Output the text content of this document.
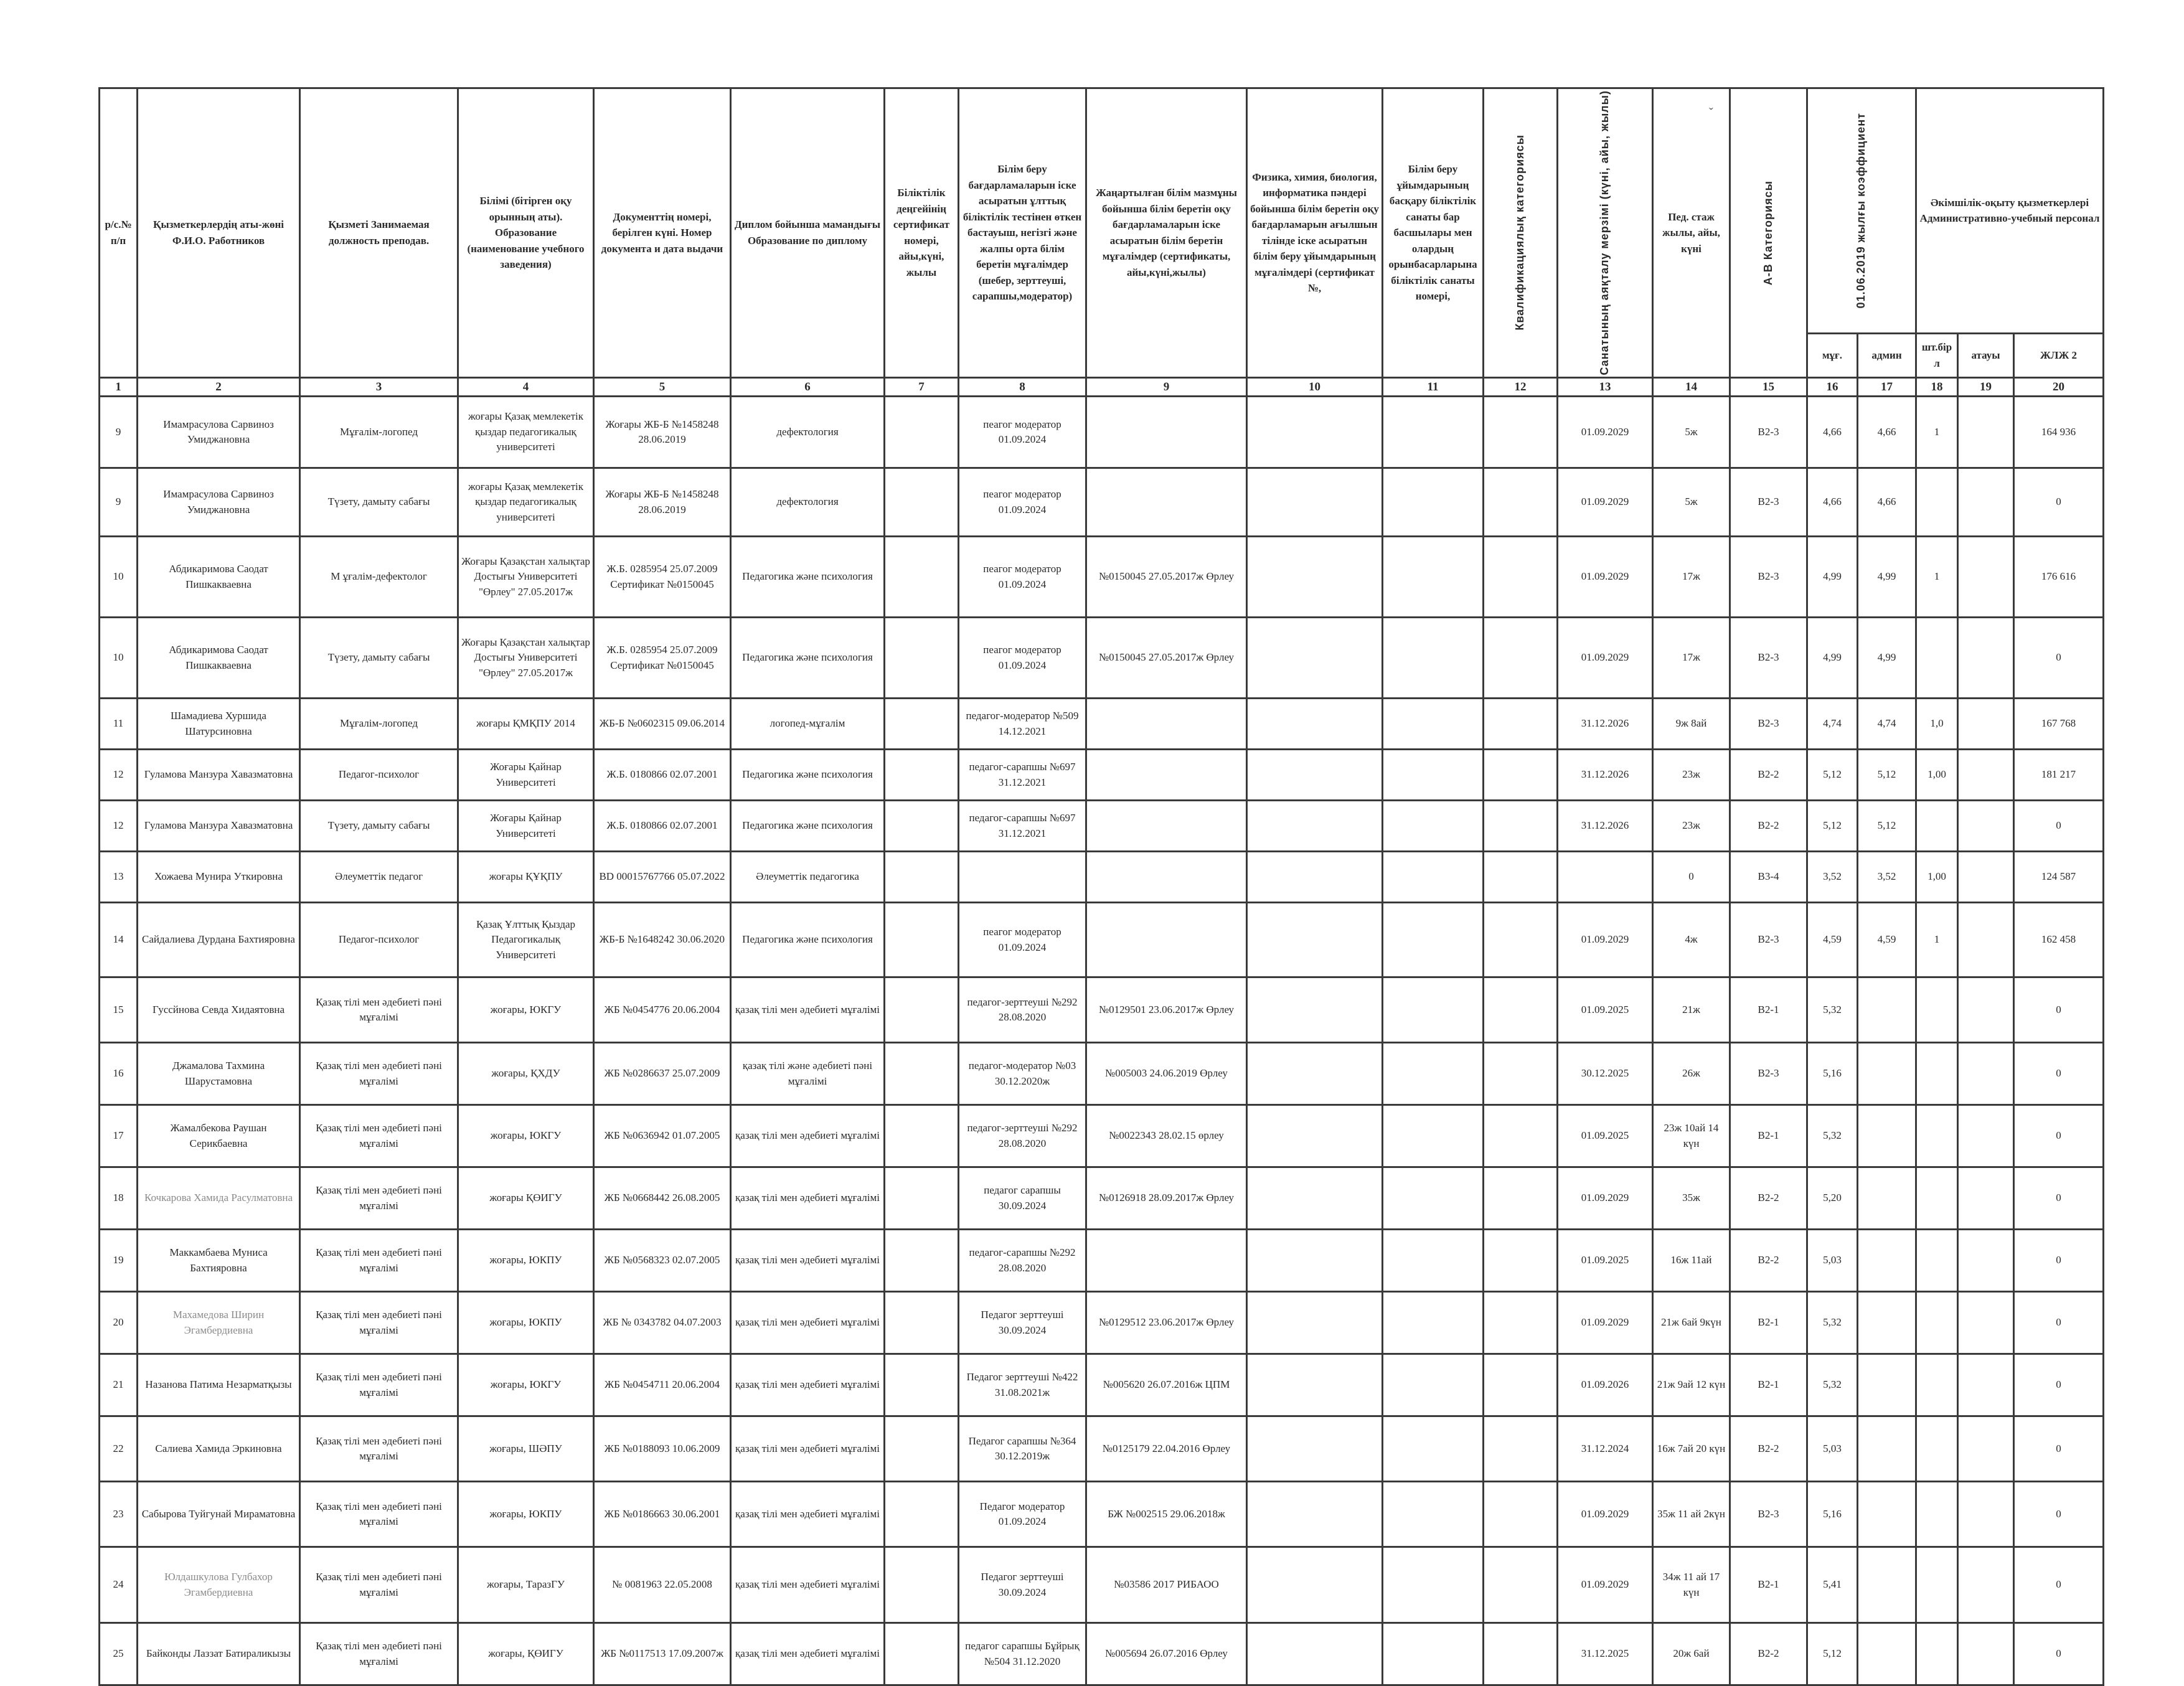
р/с.№ п/п	Қызметкерлердің аты-жөні Ф.И.О. Работников	Қызметі Занимаемая должность преподав.	Білімі (бітірген оқу орынның аты). Образование (наименование учебного заведения)	Документтің номері, берілген күні. Номер документа и дата выдачи	Диплом бойынша мамандығы Образование по диплому	Біліктілік деңгейінің сертификат номері, айы,күні, жылы	Білім беру бағдарламаларын іске асыратын ұлттық біліктілік тестінен өткен бастауыш, негізгі және жалпы орта білім беретін мұғалімдер (шебер, зерттеуші, сарапшы,модератор)	Жаңартылған білім мазмұны бойынша білім беретін оқу бағдарламаларын іске асыратын білім беретін мұғалімдер (сертификаты, айы,күні,жылы)	Физика, химия, биология, информатика пәндері бойынша білім беретін оқу бағдарламарын ағылшын тілінде іске асыратын білім беру ұйымдарының мұғалімдері (сертификат №,	Білім беру ұйымдарының басқару біліктілік санаты бар басшылары мен олардың орынбасарларына біліктілік санаты номері,	Квалификациялық категориясы	Санатының аяқталу мерзімі (күні, айы, жылы)	Пед. стаж жылы, айы, күні	А-В Категориясы	01.06.2019 жылғы коэффициент		Әкімшілік-оқыту қызметкерлері Административно-учебный персонал		
															мұғ.	админ	шт.бірл	атауы	ЖЛЖ 2
1	2	3	4	5	6	7	8	9	10	11	12	13	14	15	16	17	18	19	20
9	Имамрасулова Сарвиноз Умиджановна	Мұғалім-логопед	жоғары Қазақ мемлекетік қыздар педагогикалық университеті	Жоғары ЖБ-Б №1458248 28.06.2019	дефектология		пеагог модератор 01.09.2024					01.09.2029	5ж	В2-3	4,66	4,66	1		164 936
9	Имамрасулова Сарвиноз Умиджановна	Түзету, дамыту сабағы	жоғары Қазақ мемлекетік қыздар педагогикалық университеті	Жоғары ЖБ-Б №1458248 28.06.2019	дефектология		пеагог модератор 01.09.2024					01.09.2029	5ж	В2-3	4,66	4,66			0
10	Абдикаримова Саодат Пишкакваевна	М ұғалім-дефектолог	Жоғары Қазақстан халықтар Достығы Университеті "Өрлеу" 27.05.2017ж	Ж.Б. 0285954 25.07.2009 Сертификат №0150045	Педагогика және психология		пеагог модератор 01.09.2024	№0150045 27.05.2017ж Өрлеу				01.09.2029	17ж	В2-3	4,99	4,99	1		176 616
10	Абдикаримова Саодат Пишкакваевна	Түзету, дамыту сабағы	Жоғары Қазақстан халықтар Достығы Университеті "Өрлеу" 27.05.2017ж	Ж.Б. 0285954 25.07.2009 Сертификат №0150045	Педагогика және психология		пеагог модератор 01.09.2024	№0150045 27.05.2017ж Өрлеу				01.09.2029	17ж	В2-3	4,99	4,99			0
11	Шамадиева Хуршида Шатурсиновна	Мұғалім-логопед	жоғары ҚМҚПУ 2014	ЖБ-Б №0602315 09.06.2014	логопед-мұғалім		педагог-модератор №509 14.12.2021					31.12.2026	9ж 8ай	В2-3	4,74	4,74	1,0		167 768
12	Гуламова Манзура Хавазматовна	Педагог-психолог	Жоғары Қайнар Университеті	Ж.Б. 0180866 02.07.2001	Педагогика және психология		педагог-сарапшы №697 31.12.2021					31.12.2026	23ж	В2-2	5,12	5,12	1,00		181 217
12	Гуламова Манзура Хавазматовна	Түзету, дамыту сабағы	Жоғары Қайнар Университеті	Ж.Б. 0180866 02.07.2001	Педагогика және психология		педагог-сарапшы №697 31.12.2021					31.12.2026	23ж	В2-2	5,12	5,12			0
13	Хожаева Мунира Уткировна	Әлеуметтік педагог	жоғары ҚҰҚПУ	BD 00015767766 05.07.2022	Әлеуметтік педагогика								0	В3-4	3,52	3,52	1,00		124 587
14	Сайдалиева Дурдана Бахтияровна	Педагог-психолог	Қазақ Ұлттық Қыздар Педагогикалық Университеті	ЖБ-Б №1648242 30.06.2020	Педагогика және психология		пеагог модератор 01.09.2024					01.09.2029	4ж	В2-3	4,59	4,59	1		162 458
15	Гуссйнова Севда Хидаятовна	Қазақ тілі мен әдебиеті пәні мұғалімі	жоғары, ЮКГУ	ЖБ №0454776 20.06.2004	қазақ тілі мен әдебиеті мұғалімі		педагог-зерттеуші №292 28.08.2020	№0129501 23.06.2017ж Өрлеу				01.09.2025	21ж	В2-1	5,32				0
16	Джамалова Тахмина Шарустамовна	Қазақ тілі мен әдебиеті пәні мұғалімі	жоғары, ҚХДУ	ЖБ №0286637 25.07.2009	қазақ тілі және әдебиеті пәні мұғалімі		педагог-модератор №03 30.12.2020ж	№005003 24.06.2019 Өрлеу				30.12.2025	26ж	В2-3	5,16				0
17	Жамалбекова Раушан Серикбаевна	Қазақ тілі мен әдебиеті пәні мұғалімі	жоғары, ЮКГУ	ЖБ №0636942 01.07.2005	қазақ тілі мен әдебиеті мұғалімі		педагог-зерттеуші №292 28.08.2020	№0022343 28.02.15 өрлеу				01.09.2025	23ж 10ай 14 күн	В2-1	5,32				0
18	Кочкарова Хамида Расулматовна	Қазақ тілі мен әдебиеті пәні мұғалімі	жоғары ҚӨИГУ	ЖБ №0668442 26.08.2005	қазақ тілі мен әдебиеті мұғалімі		педагог сарапшы 30.09.2024	№0126918 28.09.2017ж Өрлеу				01.09.2029	35ж	В2-2	5,20				0
19	Маккамбаева Муниса Бахтияровна	Қазақ тілі мен әдебиеті пәні мұғалімі	жоғары, ЮКПУ	ЖБ №0568323 02.07.2005	қазақ тілі мен әдебиеті мұғалімі		педагог-сарапшы №292 28.08.2020					01.09.2025	16ж 11ай	В2-2	5,03				0
20	Махамедова Ширин Эгамбердиевна	Қазақ тілі мен әдебиеті пәні мұғалімі	жоғары, ЮКПУ	ЖБ № 0343782 04.07.2003	қазақ тілі мен әдебиеті мұғалімі		Педагог зерттеуші 30.09.2024	№0129512 23.06.2017ж Өрлеу				01.09.2029	21ж 6ай 9күн	В2-1	5,32				0
21	Назанова Патима Незарматқызы	Қазақ тілі мен әдебиеті пәні мұғалімі	жоғары, ЮКГУ	ЖБ №0454711 20.06.2004	қазақ тілі мен әдебиеті мұғалімі		Педагог зерттеуші №422 31.08.2021ж	№005620 26.07.2016ж ЦПМ				01.09.2026	21ж 9ай 12 күн	В2-1	5,32				0
22	Салиева Хамида Эркиновна	Қазақ тілі мен әдебиеті пәні мұғалімі	жоғары, ШӘПУ	ЖБ №0188093 10.06.2009	қазақ тілі мен әдебиеті мұғалімі		Педагог сарапшы №364 30.12.2019ж	№0125179 22.04.2016 Өрлеу				31.12.2024	16ж 7ай 20 күн	В2-2	5,03				0
23	Сабырова Туйгунай Мираматовна	Қазақ тілі мен әдебиеті пәні мұғалімі	жоғары, ЮКПУ	ЖБ №0186663 30.06.2001	қазақ тілі мен әдебиеті мұғалімі		Педагог модератор 01.09.2024	БЖ №002515 29.06.2018ж				01.09.2029	35ж 11 ай 2күн	В2-3	5,16				0
24	Юлдашкулова Гулбахор Эгамбердиевна	Қазақ тілі мен әдебиеті пәні мұғалімі	жоғары, ТаразГУ	№ 0081963 22.05.2008	қазақ тілі мен әдебиеті мұғалімі		Педагог зерттеуші 30.09.2024	№03586 2017 РИБАОО				01.09.2029	34ж 11 ай 17 күн	В2-1	5,41				0
25	Байконды Лаззат Батираликызы	Қазақ тілі мен әдебиеті пәні мұғалімі	жоғары, ҚӨИГУ	ЖБ №0117513 17.09.2007ж	қазақ тілі мен әдебиеті мұғалімі		педагог сарапшы Бұйрық №504 31.12.2020	№005694 26.07.2016 Өрлеу				31.12.2025	20ж 6ай	В2-2	5,12				0
ˇ
